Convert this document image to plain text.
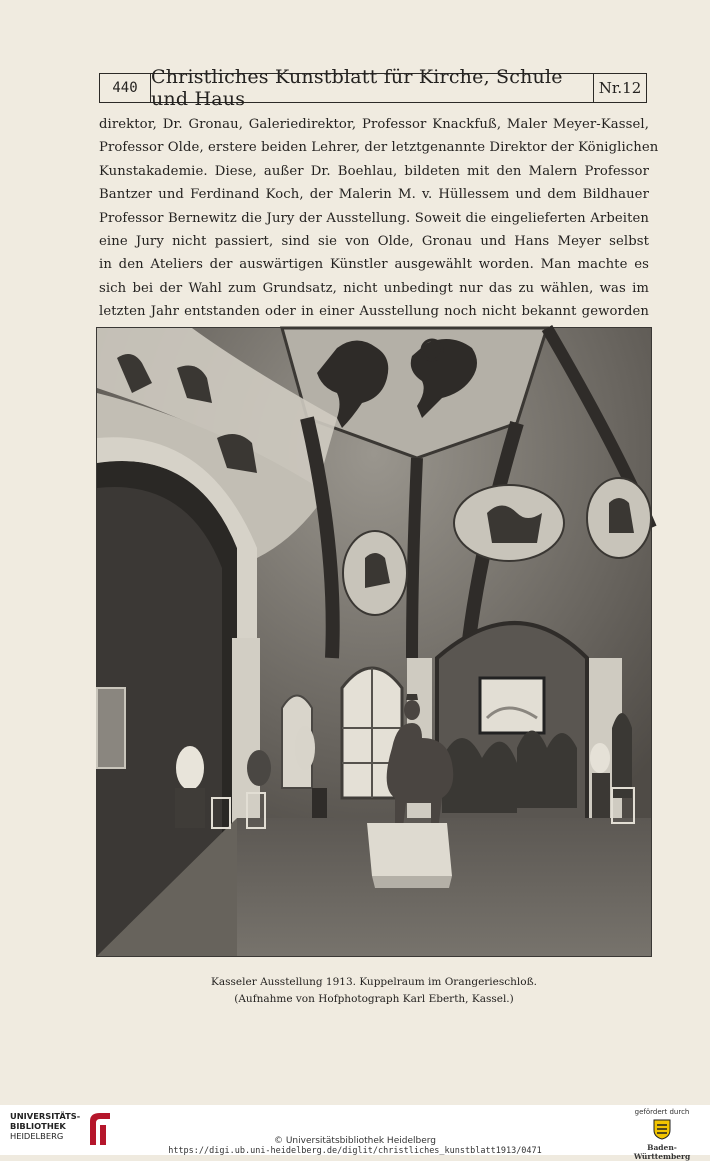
440 Christliches Kunstblatt für Kirche, Schule und Haus	Nr.12
direktor, Dr. Gronau, Galeriedirektor, Professor Knackfuß, Maler Meyer-Kassel,
Professor Olde, erstere beiden Lehrer, der letztgenannte Direktor der Königlichen
Kunstakademie. Diese, außer Dr. Boehlau, bildeten mit den Malern Professor
Bantzer und Ferdinand Koch, der Malerin M. v. Hüllessem und dem Bildhauer
Professor Bernewitz die Jury der Ausstellung. Soweit die eingelieferten Arbeiten
eine Jury nicht passiert, sind sie von Olde, Gronau und Hans Meyer selbst
in den Ateliers der auswärtigen Künstler ausgewählt worden. Man machte es
sich bei der Wahl zum Grundsatz, nicht unbedingt nur das zu wählen, was im
letzten Jahr entstanden oder in einer Ausstellung noch nicht bekannt geworden
Kasseler Ausstellung 1913. Kuppelraum im Orangerieschloß.
(Aufnahme von Hofphotograph Karl Eberth, Kassel.)
UNIVERSITÄTS-
BIBLIOTHEK
HEIDELBERG	© Universitätsbibliothek Heidelberg
https://digi.ub.uni-heidelberg.de/diglit/christliches_kunstblatt1913/0471
gefördert durch
Baden-Württemberg
